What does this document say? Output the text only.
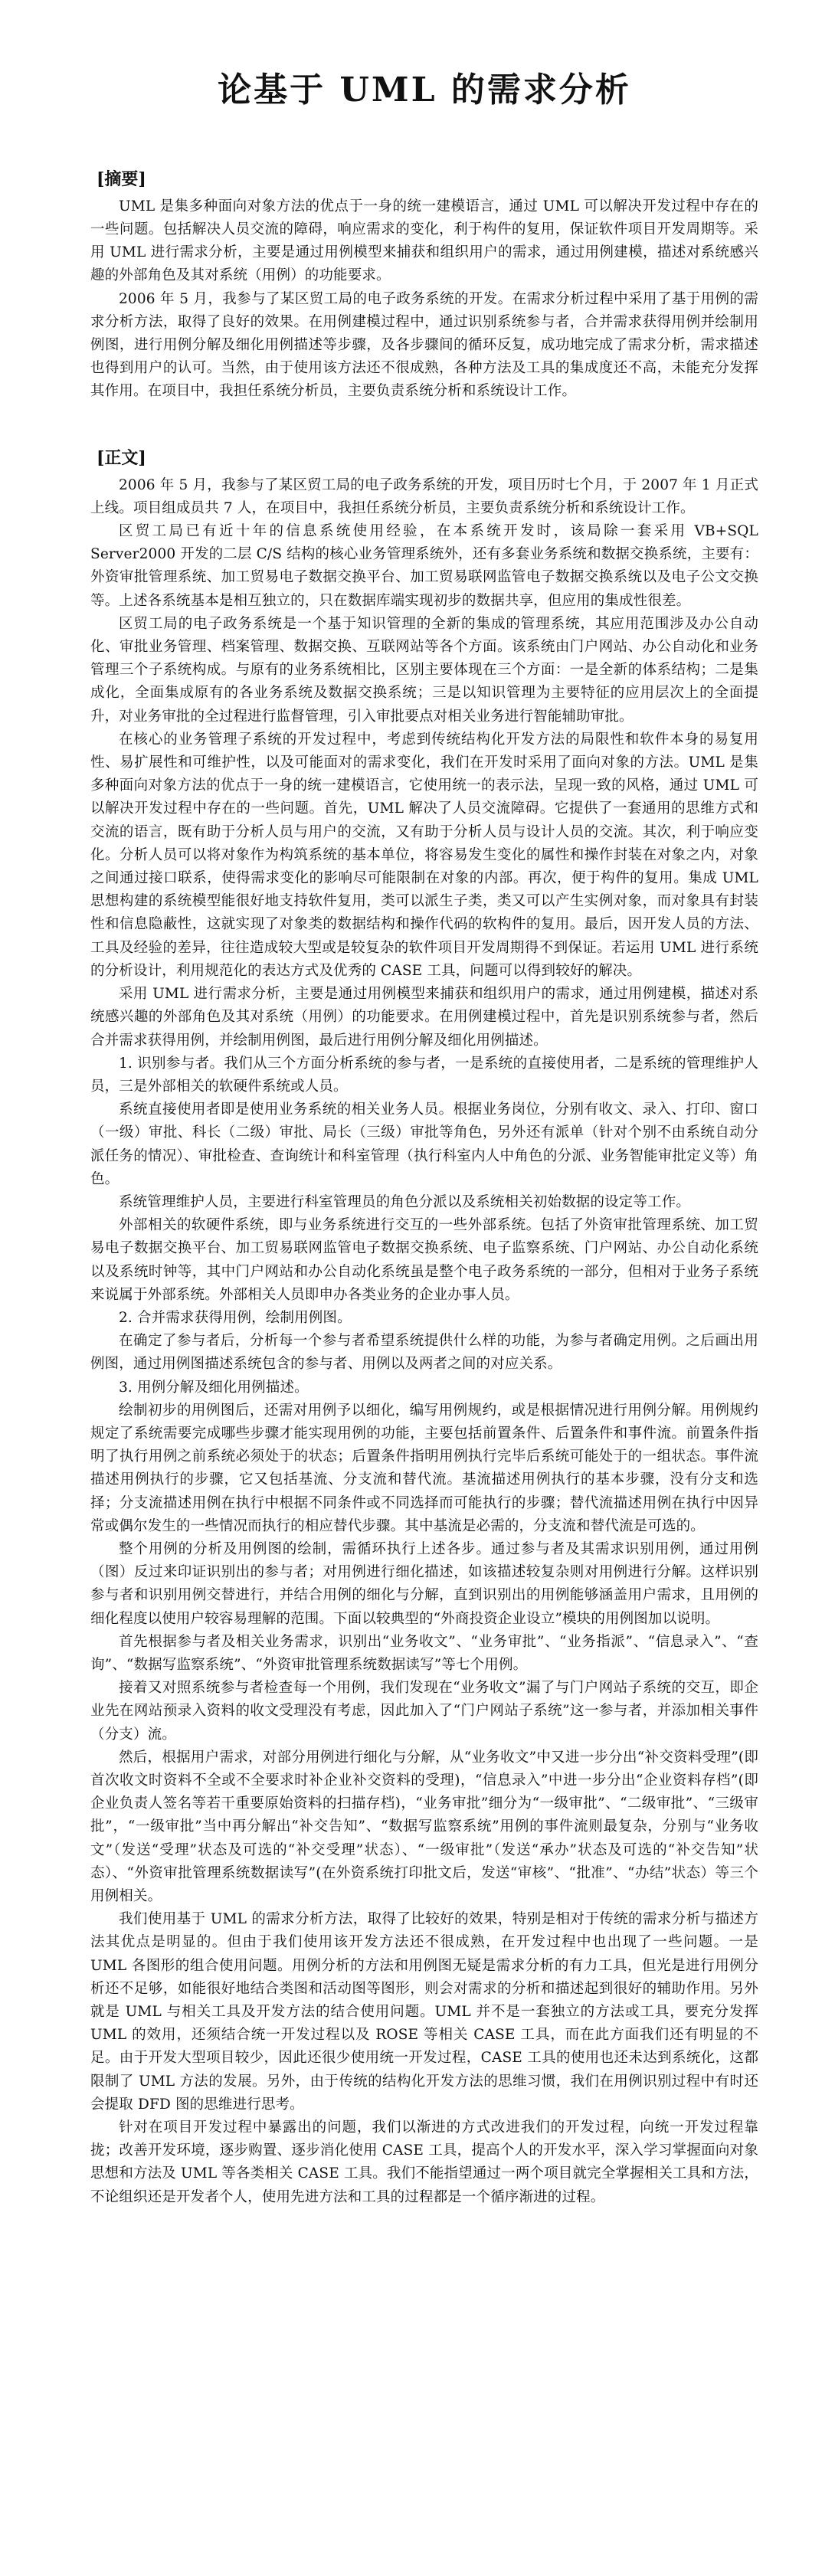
论基于 UML 的需求分析
[摘要]

UML 是集多种面向对象方法的优点于一身的统一建模语言，通过 UML 可以解决开发过程中存在的一些问题。包括解决人员交流的障碍，响应需求的变化，利于构件的复用，保证软件项目开发周期等。采用 UML 进行需求分析，主要是通过用例模型来捕获和组织用户的需求，通过用例建模，描述对系统感兴趣的外部角色及其对系统（用例）的功能要求。

2006 年 5 月，我参与了某区贸工局的电子政务系统的开发。在需求分析过程中采用了基于用例的需求分析方法，取得了良好的效果。在用例建模过程中，通过识别系统参与者，合并需求获得用例并绘制用例图，进行用例分解及细化用例描述等步骤，及各步骤间的循环反复，成功地完成了需求分析，需求描述也得到用户的认可。当然，由于使用该方法还不很成熟，各种方法及工具的集成度还不高，未能充分发挥其作用。在项目中，我担任系统分析员，主要负责系统分析和系统设计工作。

[正文]

2006 年 5 月，我参与了某区贸工局的电子政务系统的开发，项目历时七个月，于 2007 年 1 月正式上线。项目组成员共 7 人，在项目中，我担任系统分析员，主要负责系统分析和系统设计工作。

区贸工局已有近十年的信息系统使用经验，在本系统开发时，该局除一套采用 VB+SQL Server2000 开发的二层 C/S 结构的核心业务管理系统外，还有多套业务系统和数据交换系统，主要有：外资审批管理系统、加工贸易电子数据交换平台、加工贸易联网监管电子数据交换系统以及电子公文交换等。上述各系统基本是相互独立的，只在数据库端实现初步的数据共享，但应用的集成性很差。

区贸工局的电子政务系统是一个基于知识管理的全新的集成的管理系统，其应用范围涉及办公自动化、审批业务管理、档案管理、数据交换、互联网站等各个方面。该系统由门户网站、办公自动化和业务管理三个子系统构成。与原有的业务系统相比，区别主要体现在三个方面：一是全新的体系结构；二是集成化，全面集成原有的各业务系统及数据交换系统；三是以知识管理为主要特征的应用层次上的全面提升，对业务审批的全过程进行监督管理，引入审批要点对相关业务进行智能辅助审批。

在核心的业务管理子系统的开发过程中，考虑到传统结构化开发方法的局限性和软件本身的易复用性、易扩展性和可维护性，以及可能面对的需求变化，我们在开发时采用了面向对象的方法。UML 是集多种面向对象方法的优点于一身的统一建模语言，它使用统一的表示法，呈现一致的风格，通过 UML 可以解决开发过程中存在的一些问题。首先，UML 解决了人员交流障碍。它提供了一套通用的思维方式和交流的语言，既有助于分析人员与用户的交流，又有助于分析人员与设计人员的交流。其次，利于响应变化。分析人员可以将对象作为构筑系统的基本单位，将容易发生变化的属性和操作封装在对象之内，对象之间通过接口联系，使得需求变化的影响尽可能限制在对象的内部。再次，便于构件的复用。集成 UML 思想构建的系统模型能很好地支持软件复用，类可以派生子类，类又可以产生实例对象，而对象具有封装性和信息隐蔽性，这就实现了对象类的数据结构和操作代码的软构件的复用。最后，因开发人员的方法、工具及经验的差异，往往造成较大型或是较复杂的软件项目开发周期得不到保证。若运用 UML 进行系统的分析设计，利用规范化的表达方式及优秀的 CASE 工具，问题可以得到较好的解决。

采用 UML 进行需求分析，主要是通过用例模型来捕获和组织用户的需求，通过用例建模，描述对系统感兴趣的外部角色及其对系统（用例）的功能要求。在用例建模过程中，首先是识别系统参与者，然后合并需求获得用例，并绘制用例图，最后进行用例分解及细化用例描述。

1. 识别参与者。我们从三个方面分析系统的参与者，一是系统的直接使用者，二是系统的管理维护人员，三是外部相关的软硬件系统或人员。

系统直接使用者即是使用业务系统的相关业务人员。根据业务岗位，分别有收文、录入、打印、窗口（一级）审批、科长（二级）审批、局长（三级）审批等角色，另外还有派单（针对个别不由系统自动分派任务的情况）、审批检查、查询统计和科室管理（执行科室内人中角色的分派、业务智能审批定义等）角色。

系统管理维护人员，主要进行科室管理员的角色分派以及系统相关初始数据的设定等工作。

外部相关的软硬件系统，即与业务系统进行交互的一些外部系统。包括了外资审批管理系统、加工贸易电子数据交换平台、加工贸易联网监管电子数据交换系统、电子监察系统、门户网站、办公自动化系统以及系统时钟等，其中门户网站和办公自动化系统虽是整个电子政务系统的一部分，但相对于业务子系统来说属于外部系统。外部相关人员即申办各类业务的企业办事人员。

2. 合并需求获得用例，绘制用例图。

在确定了参与者后，分析每一个参与者希望系统提供什么样的功能，为参与者确定用例。之后画出用例图，通过用例图描述系统包含的参与者、用例以及两者之间的对应关系。

3. 用例分解及细化用例描述。

绘制初步的用例图后，还需对用例予以细化，编写用例规约，或是根据情况进行用例分解。用例规约规定了系统需要完成哪些步骤才能实现用例的功能，主要包括前置条件、后置条件和事件流。前置条件指明了执行用例之前系统必须处于的状态；后置条件指明用例执行完毕后系统可能处于的一组状态。事件流描述用例执行的步骤，它又包括基流、分支流和替代流。基流描述用例执行的基本步骤，没有分支和选择；分支流描述用例在执行中根据不同条件或不同选择而可能执行的步骤；替代流描述用例在执行中因异常或偶尔发生的一些情况而执行的相应替代步骤。其中基流是必需的，分支流和替代流是可选的。

整个用例的分析及用例图的绘制，需循环执行上述各步。通过参与者及其需求识别用例，通过用例（图）反过来印证识别出的参与者；对用例进行细化描述，如该描述较复杂则对用例进行分解。这样识别参与者和识别用例交替进行，并结合用例的细化与分解，直到识别出的用例能够涵盖用户需求，且用例的细化程度以使用户较容易理解的范围。下面以较典型的“外商投资企业设立”模块的用例图加以说明。

首先根据参与者及相关业务需求，识别出“业务收文”、“业务审批”、“业务指派”、“信息录入”、“查询”、“数据写监察系统”、“外资审批管理系统数据读写”等七个用例。

接着又对照系统参与者检查每一个用例，我们发现在“业务收文”漏了与门户网站子系统的交互，即企业先在网站预录入资料的收文受理没有考虑，因此加入了“门户网站子系统”这一参与者，并添加相关事件（分支）流。

然后，根据用户需求，对部分用例进行细化与分解，从“业务收文”中又进一步分出“补交资料受理”(即首次收文时资料不全或不全要求时补企业补交资料的受理)，“信息录入”中进一步分出“企业资料存档”(即企业负责人签名等若干重要原始资料的扫描存档)，“业务审批”细分为“一级审批”、“二级审批”、“三级审批”，“一级审批”当中再分解出“补交告知”、“数据写监察系统”用例的事件流则最复杂，分别与“业务收文”（发送“受理”状态及可选的“补交受理”状态）、“一级审批”（发送“承办”状态及可选的“补交告知”状态）、“外资审批管理系统数据读写”(在外资系统打印批文后，发送“审核”、“批准”、“办结”状态）等三个用例相关。

我们使用基于 UML 的需求分析方法，取得了比较好的效果，特别是相对于传统的需求分析与描述方法其优点是明显的。但由于我们使用该开发方法还不很成熟，在开发过程中也出现了一些问题。一是 UML 各图形的组合使用问题。用例分析的方法和用例图无疑是需求分析的有力工具，但光是进行用例分析还不足够，如能很好地结合类图和活动图等图形，则会对需求的分析和描述起到很好的辅助作用。另外就是 UML 与相关工具及开发方法的结合使用问题。UML 并不是一套独立的方法或工具，要充分发挥 UML 的效用，还须结合统一开发过程以及 ROSE 等相关 CASE 工具，而在此方面我们还有明显的不足。由于开发大型项目较少，因此还很少使用统一开发过程，CASE 工具的使用也还未达到系统化，这都限制了 UML 方法的发展。另外，由于传统的结构化开发方法的思维习惯，我们在用例识别过程中有时还会提取 DFD 图的思维进行思考。

针对在项目开发过程中暴露出的问题，我们以渐进的方式改进我们的开发过程，向统一开发过程靠拢；改善开发环境，逐步购置、逐步消化使用 CASE 工具，提高个人的开发水平，深入学习掌握面向对象思想和方法及 UML 等各类相关 CASE 工具。我们不能指望通过一两个项目就完全掌握相关工具和方法，不论组织还是开发者个人，使用先进方法和工具的过程都是一个循序渐进的过程。
